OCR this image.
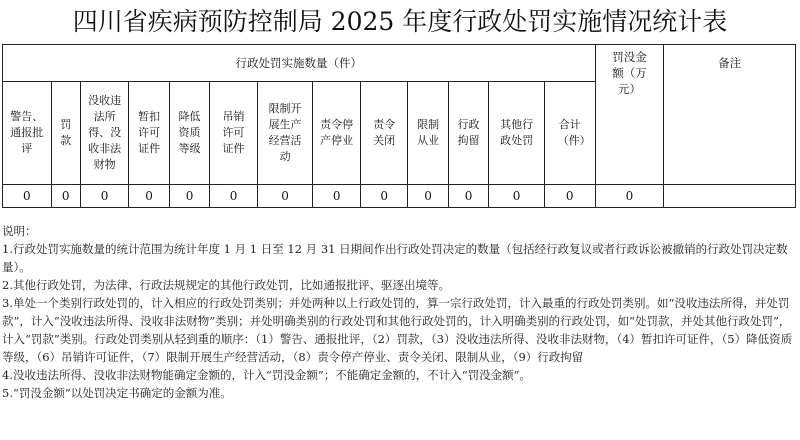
四川省疾病预防控制局 2025 年度行政处罚实施情况统计表
行政处罚实施数量（件）													罚没金额（万元）	备注
警告、通报批评	罚款	没收违法所得、没收非法财物	暂扣许可证件	降低资质等级	吊销许可证件	限制开展生产经营活动	责令停产停业	责令关闭	限制从业	行政拘留	其他行政处罚	合计（件）		
0	0	0	0	0	0	0	0	0	0	0	0	0	0	

说明：

1.行政处罚实施数量的统计范围为统计年度 1 月 1 日至 12 月 31 日期间作出行政处罚决定的数量（包括经行政复议或者行政诉讼被撤销的行政处罚决定数量）。

2.其他行政处罚，为法律、行政法规规定的其他行政处罚，比如通报批评、驱逐出境等。

3.单处一个类别行政处罚的，计入相应的行政处罚类别；并处两种以上行政处罚的，算一宗行政处罚，计入最重的行政处罚类别。如“没收违法所得，并处罚款”，计入“没收违法所得、没收非法财物”类别；并处明确类别的行政处罚和其他行政处罚的，计入明确类别的行政处罚，如“处罚款，并处其他行政处罚”，计入“罚款”类别。行政处罚类别从轻到重的顺序：（1）警告、通报批评，（2）罚款，（3）没收违法所得、没收非法财物，（4）暂扣许可证件，（5）降低资质等级，（6）吊销许可证件，（7）限制开展生产经营活动，（8）责令停产停业、责令关闭、限制从业，（9）行政拘留

4.没收违法所得、没收非法财物能确定金额的，计入“罚没金额”；不能确定金额的，不计入“罚没金额”。

5.“罚没金额”以处罚决定书确定的金额为准。
